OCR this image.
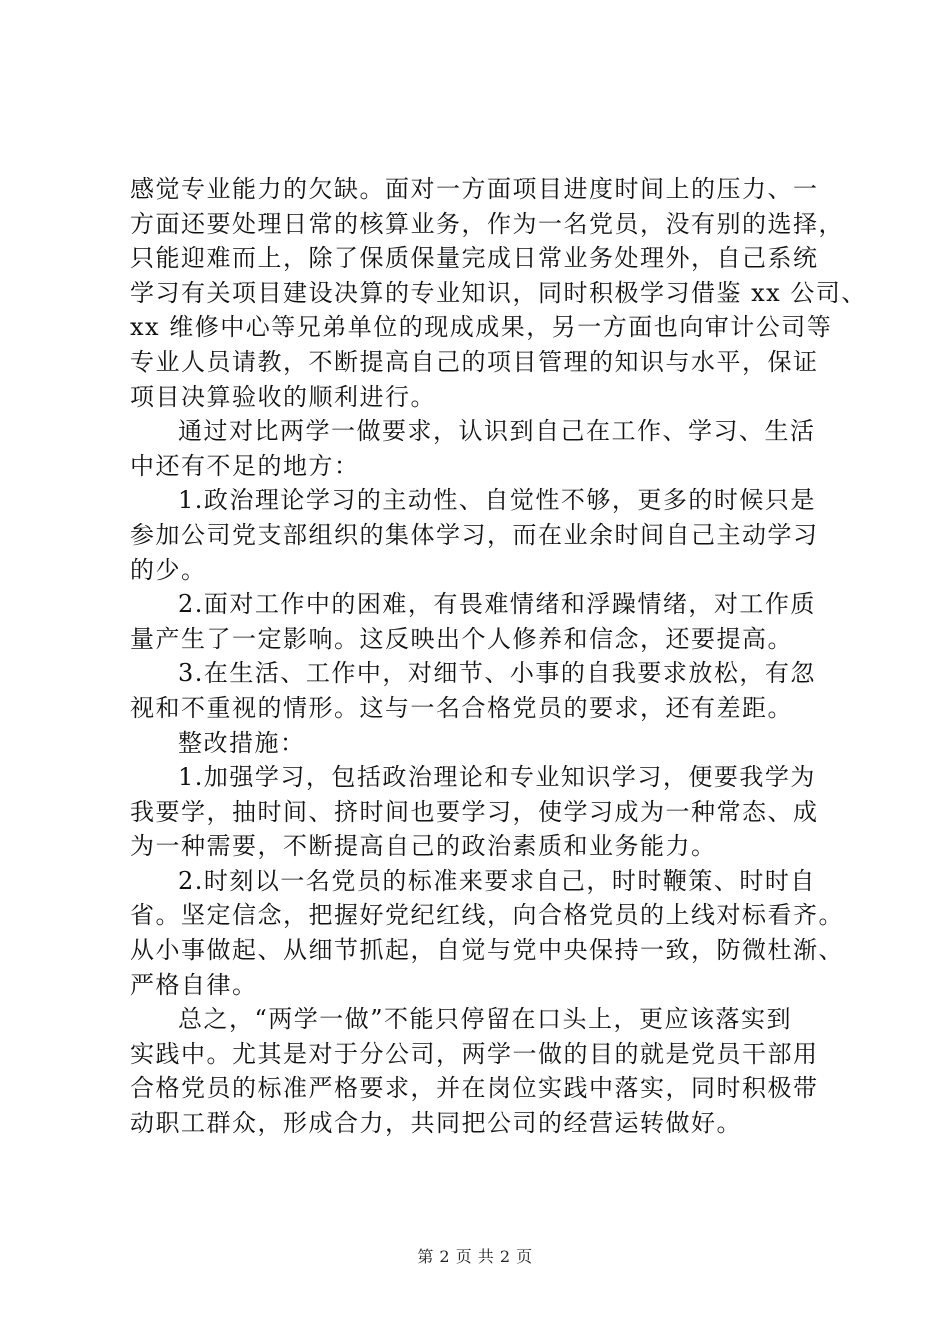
感觉专业能力的欠缺。面对一方面项目进度时间上的压力、一
方面还要处理日常的核算业务，作为一名党员，没有别的选择，
只能迎难而上，除了保质保量完成日常业务处理外，自己系统
学习有关项目建设决算的专业知识，同时积极学习借鉴 xx 公司、
xx 维修中心等兄弟单位的现成成果，另一方面也向审计公司等
专业人员请教，不断提高自己的项目管理的知识与水平，保证
项目决算验收的顺利进行。
通过对比两学一做要求，认识到自己在工作、学习、生活
中还有不足的地方：
1.政治理论学习的主动性、自觉性不够，更多的时候只是
参加公司党支部组织的集体学习，而在业余时间自己主动学习
的少。
2.面对工作中的困难，有畏难情绪和浮躁情绪，对工作质
量产生了一定影响。这反映出个人修养和信念，还要提高。
3.在生活、工作中，对细节、小事的自我要求放松，有忽
视和不重视的情形。这与一名合格党员的要求，还有差距。
整改措施：
1.加强学习，包括政治理论和专业知识学习，便要我学为
我要学，抽时间、挤时间也要学习，使学习成为一种常态、成
为一种需要，不断提高自己的政治素质和业务能力。
2.时刻以一名党员的标准来要求自己，时时鞭策、时时自
省。坚定信念，把握好党纪红线，向合格党员的上线对标看齐。
从小事做起、从细节抓起，自觉与党中央保持一致，防微杜渐、
严格自律。
总之，“两学一做”不能只停留在口头上，更应该落实到
实践中。尤其是对于分公司，两学一做的目的就是党员干部用
合格党员的标准严格要求，并在岗位实践中落实，同时积极带
动职工群众，形成合力，共同把公司的经营运转做好。
第 2 页 共 2 页
